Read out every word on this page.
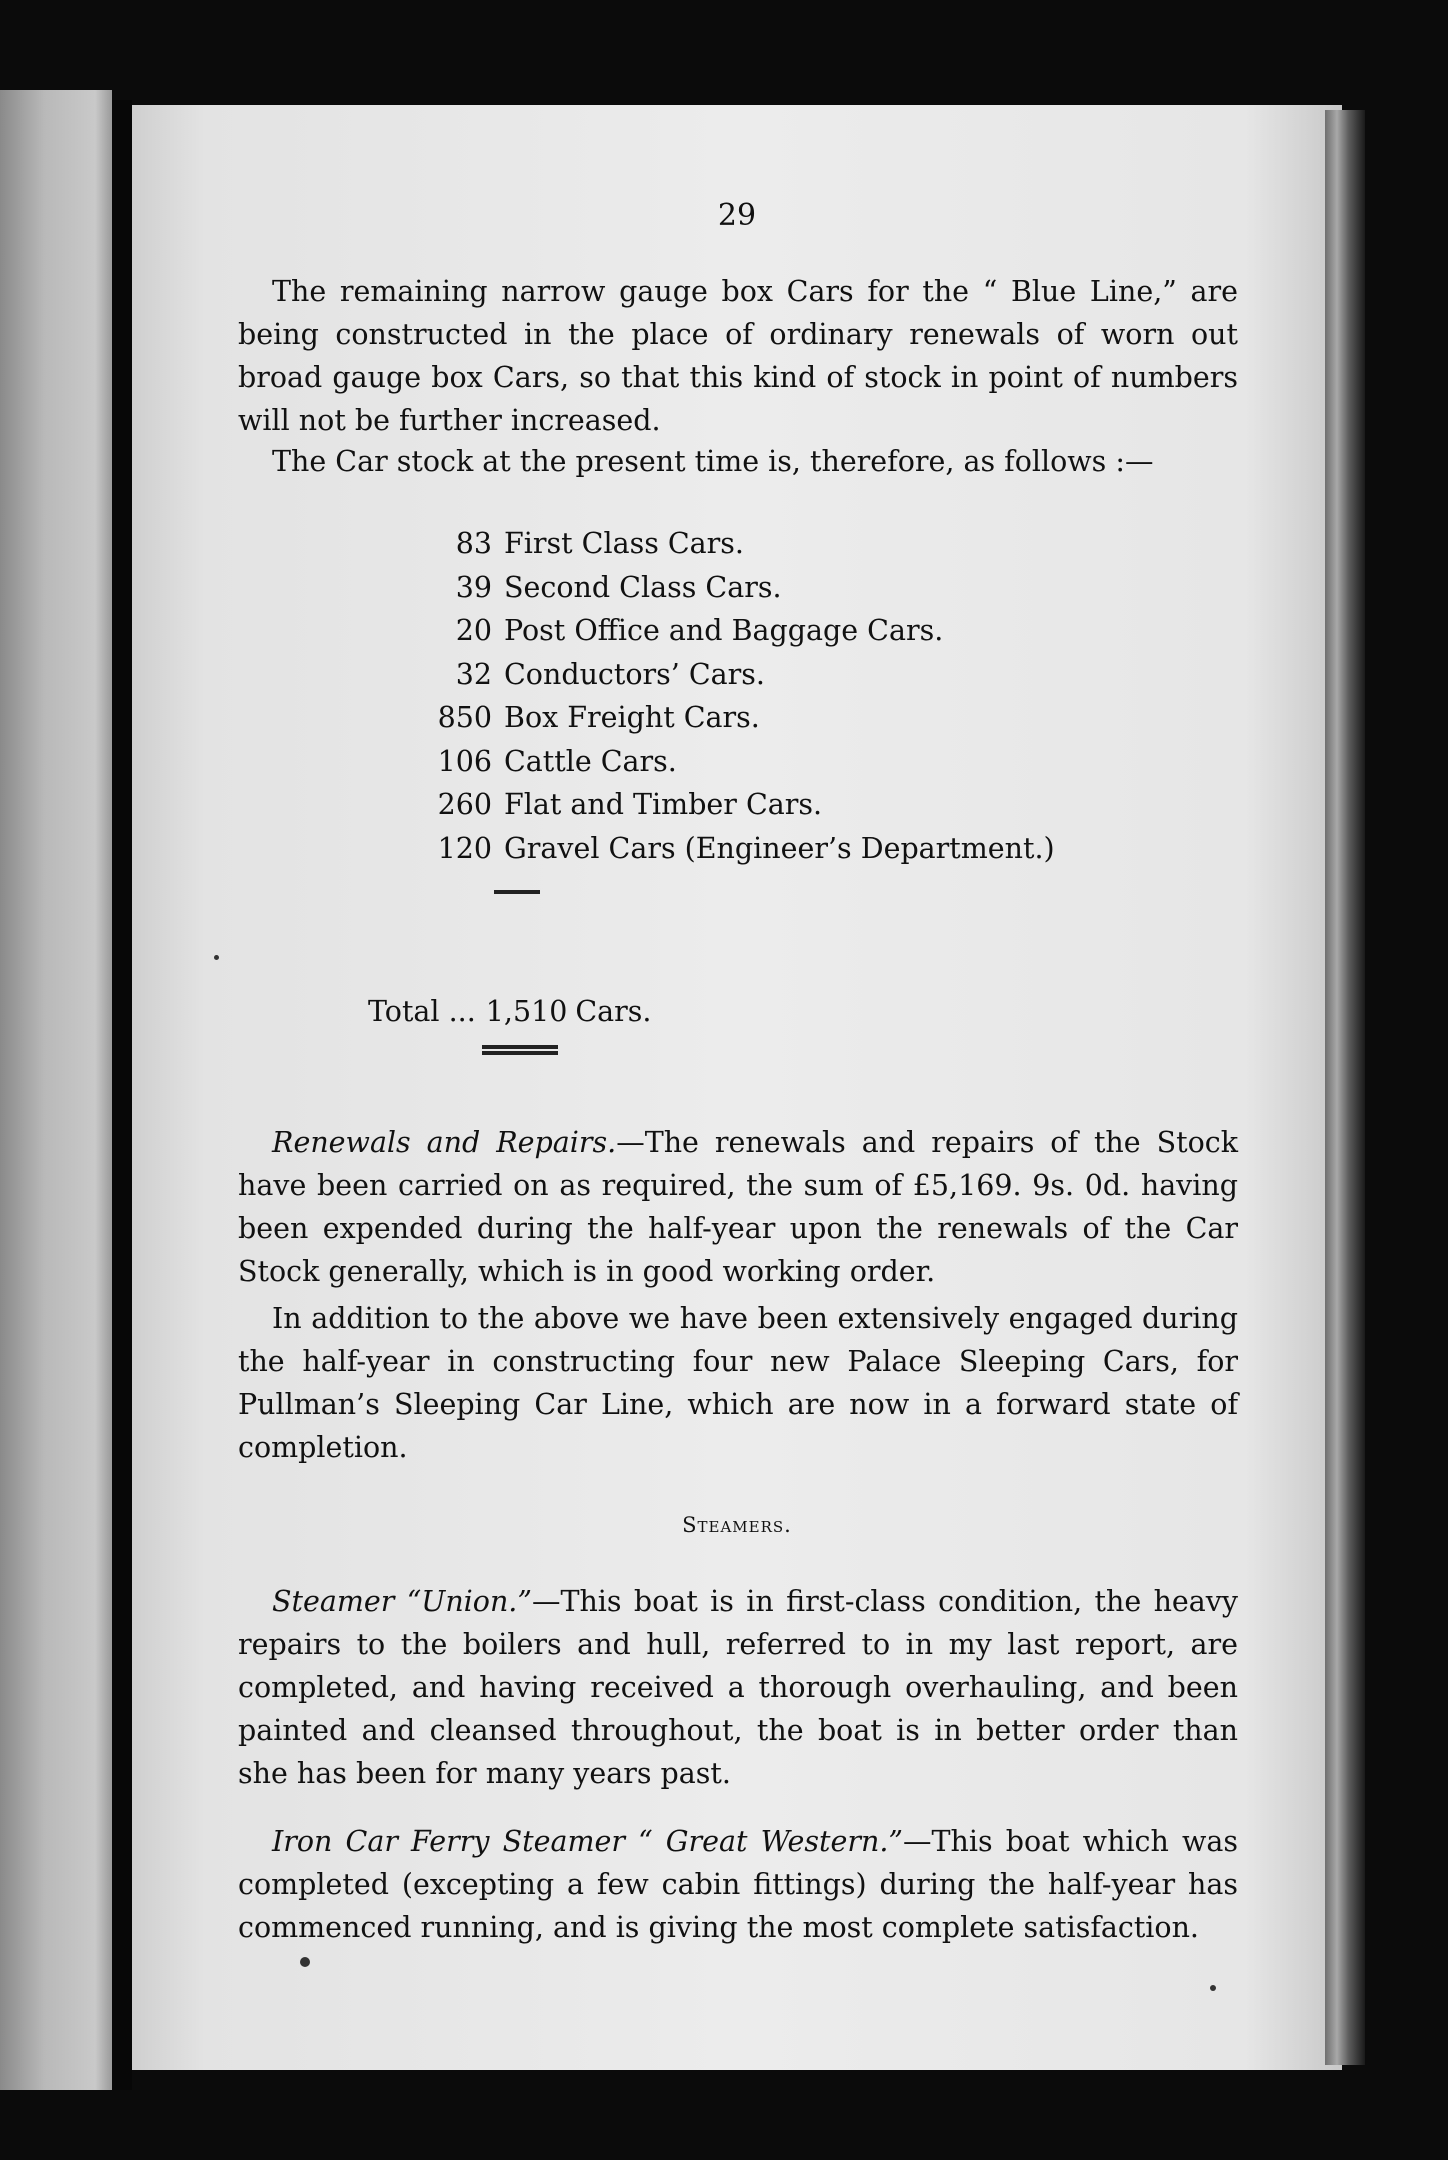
29

The remaining narrow gauge box Cars for the “ Blue Line,” are being constructed in the place of ordinary renewals of worn out broad gauge box Cars, so that this kind of stock in point of numbers will not be further increased.

The Car stock at the present time is, therefore, as follows :—

83 First Class Cars.
39 Second Class Cars.
20 Post Office and Baggage Cars.
32 Conductors’ Cars.
850 Box Freight Cars.
106 Cattle Cars.
260 Flat and Timber Cars.
120 Gravel Cars (Engineer’s Department.)
Total ... 1,510 Cars.

Renewals and Repairs.—The renewals and repairs of the Stock have been carried on as required, the sum of £5,169. 9s. 0d. having been expended during the half-year upon the renewals of the Car Stock generally, which is in good working order.

In addition to the above we have been extensively engaged during the half-year in constructing four new Palace Sleeping Cars, for Pullman’s Sleeping Car Line, which are now in a forward state of completion.

Steamers.

Steamer “Union.”—This boat is in first-class condition, the heavy repairs to the boilers and hull, referred to in my last report, are completed, and having received a thorough overhauling, and been painted and cleansed throughout, the boat is in better order than she has been for many years past.

Iron Car Ferry Steamer “ Great Western.”—This boat which was completed (excepting a few cabin fittings) during the half-year has commenced running, and is giving the most complete satisfaction.
